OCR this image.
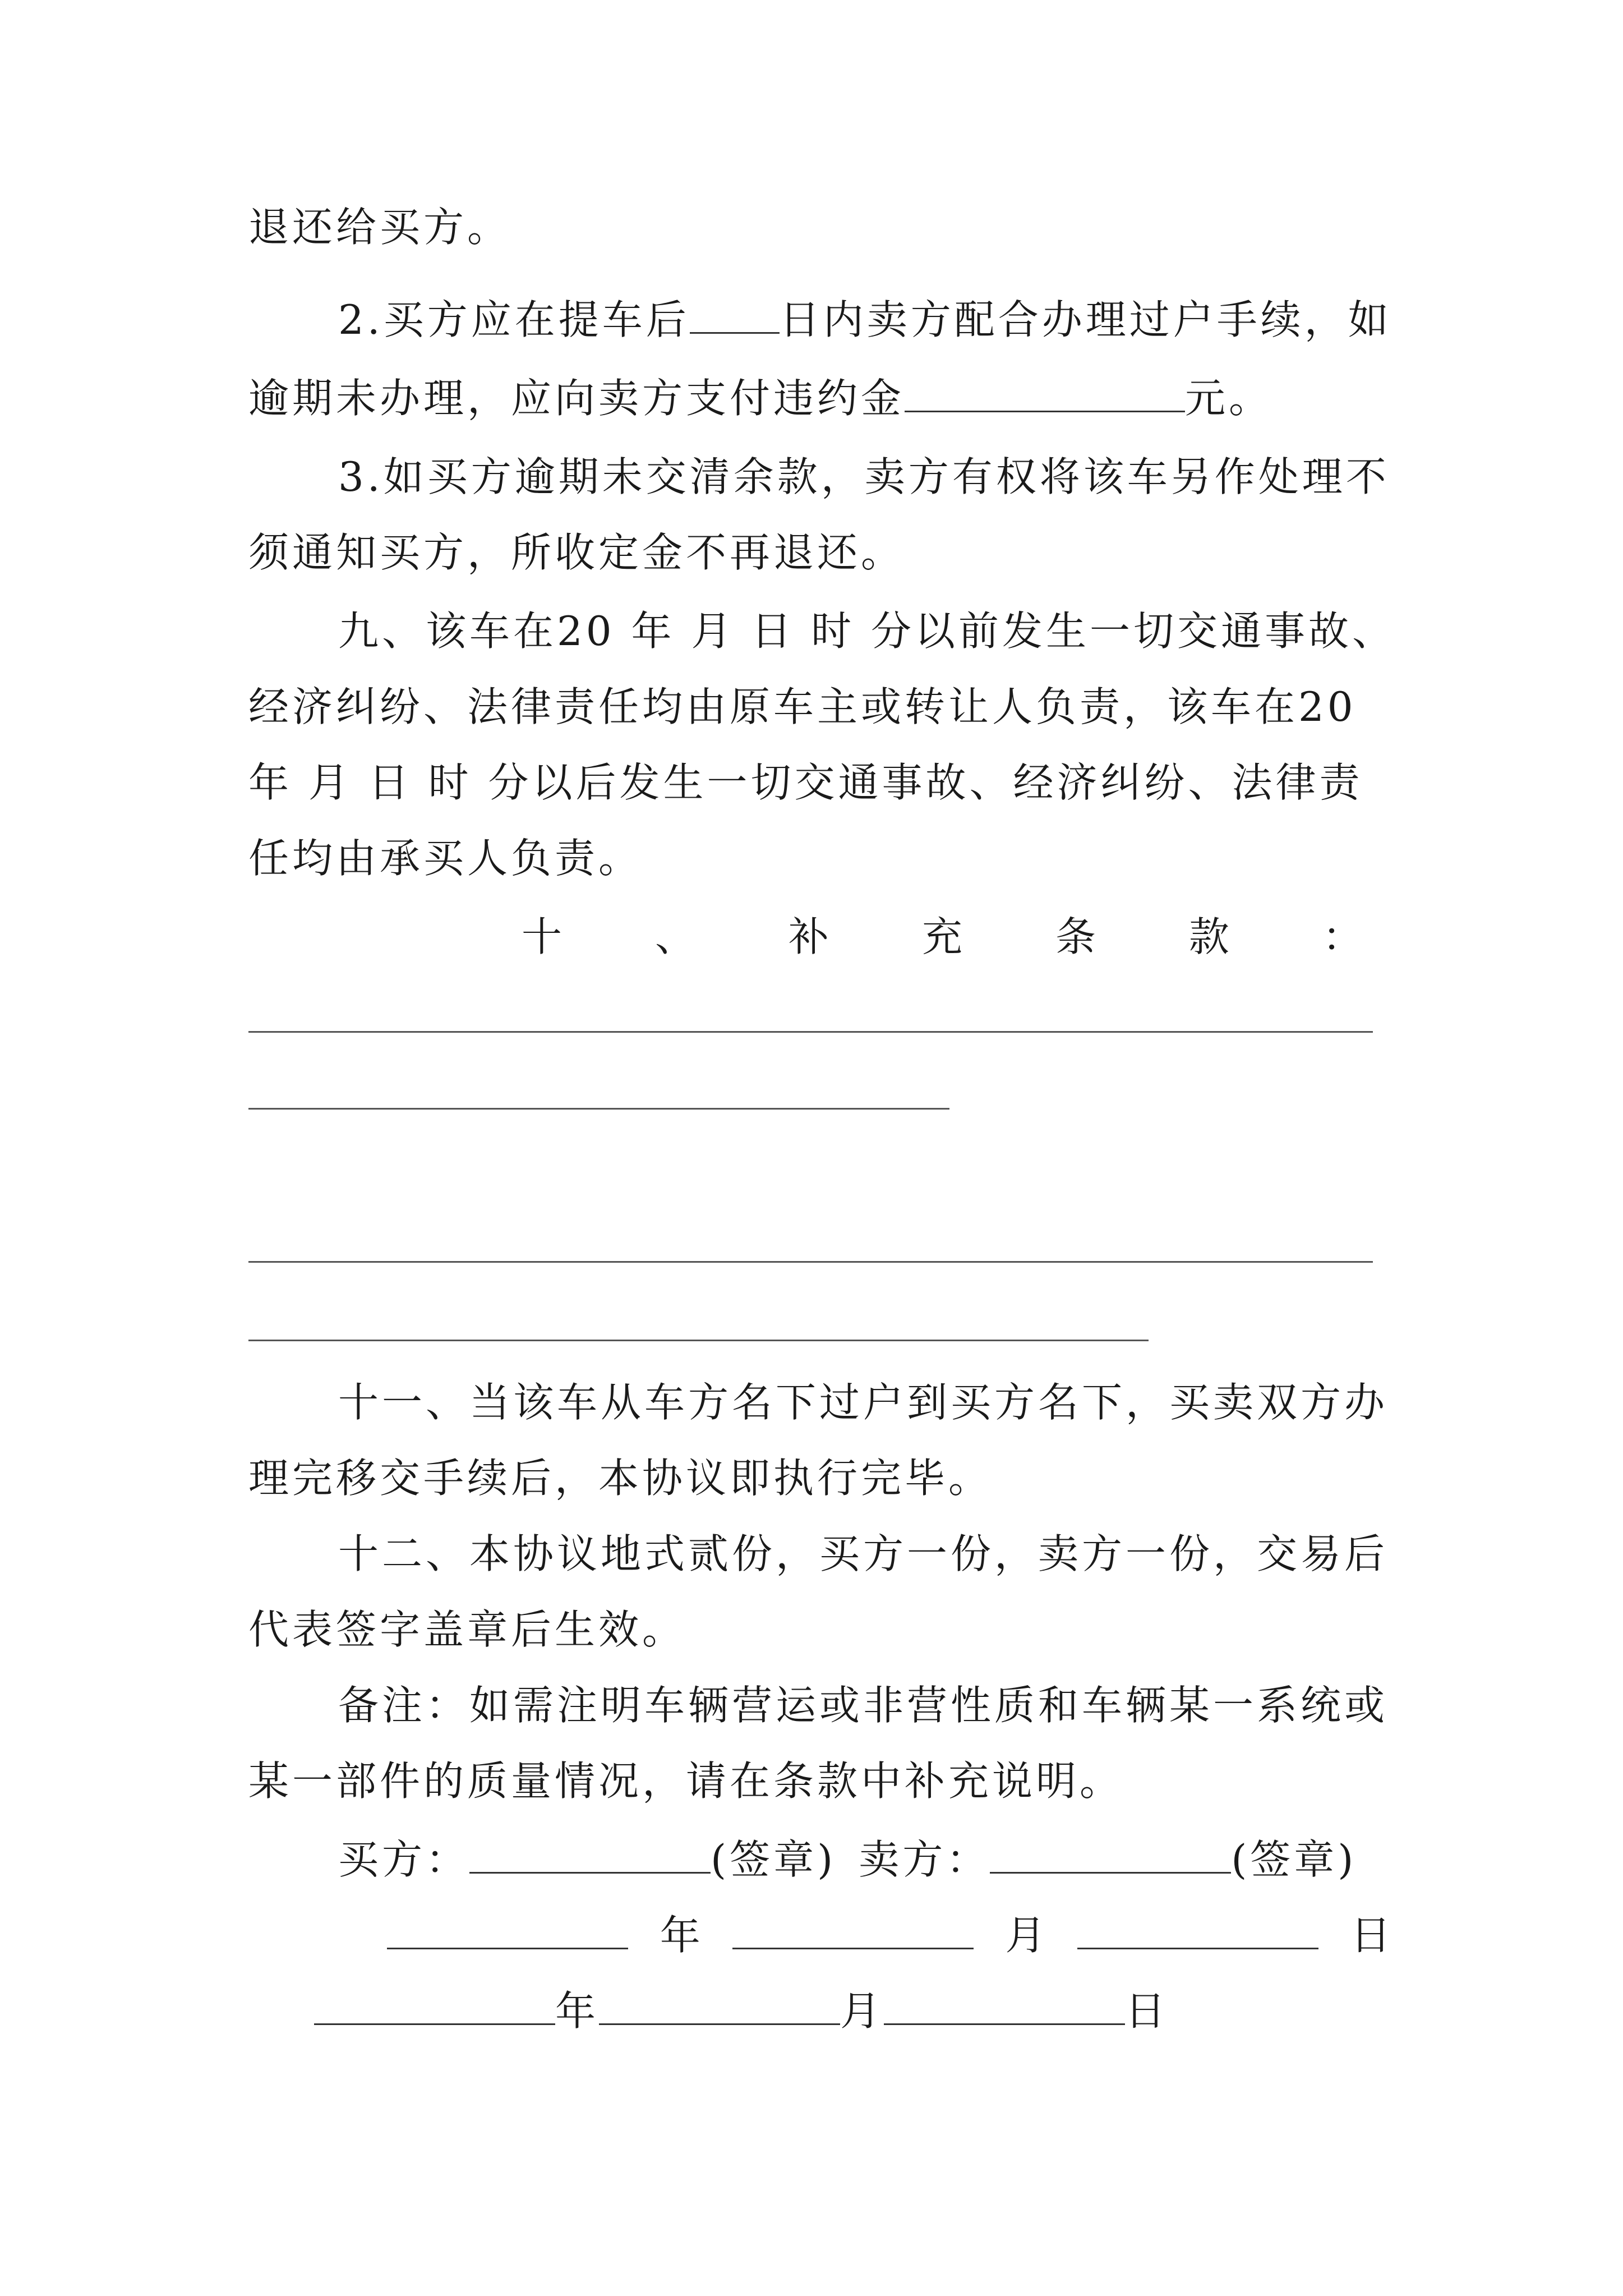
退还给买方。
2.买方应在提车后 日内卖方配合办理过户手续，如
逾期未办理，应向卖方支付违约金	元。
3.如买方逾期未交清余款，卖方有权将该车另作处理不
须通知买方，所收定金不再退还。
九、该车在20 年 月 日 时 分以前发生一切交通事故、
经济纠纷、法律责任均由原车主或转让人负责，该车在20
年 月 日 时 分以后发生一切交通事故、经济纠纷、法律责
任均由承买人负责。
十 、 补 充 条 款 ：
十一、当该车从车方名下过户到买方名下，买卖双方办
理完移交手续后，本协议即执行完毕。
十二、本协议地式贰份，买方一份，卖方一份，交易后
代表签字盖章后生效。
备注：如需注明车辆营运或非营性质和车辆某一系统或
某一部件的质量情况，请在条款中补充说明。
买方：	(签章) 卖方：	(签章)
年	月	日
年	月	日
